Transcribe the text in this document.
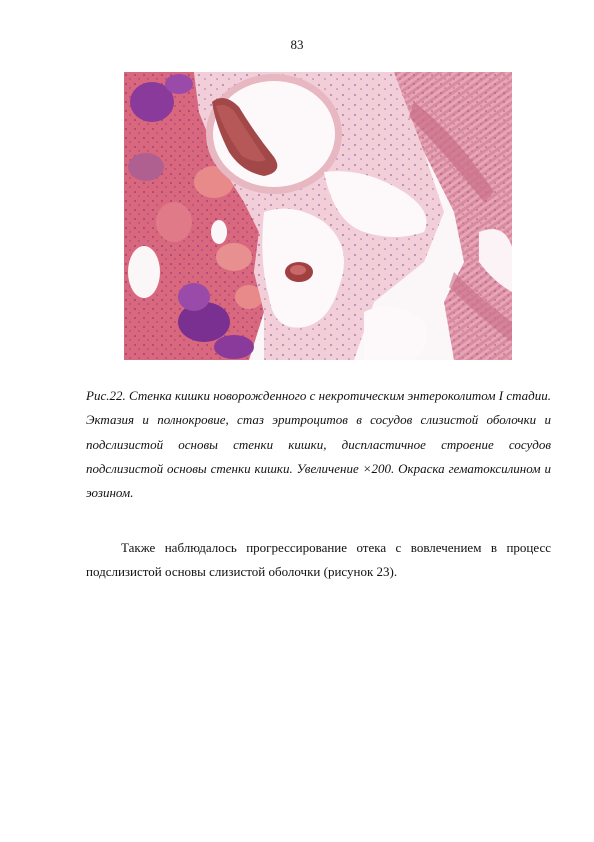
83
Рис.22. Стенка кишки новорожденного с некротическим энтероколитом I стадии. Эктазия и полнокровие, стаз эритроцитов в сосудов слизистой оболочки и подслизистой основы стенки кишки, диспластичное строение сосудов подслизистой основы стенки кишки. Увеличение ×200. Окраска гематоксилином и эозином.
Также наблюдалось прогрессирование отека с вовлечением в процесс подслизистой основы слизистой оболочки (рисунок 23).
